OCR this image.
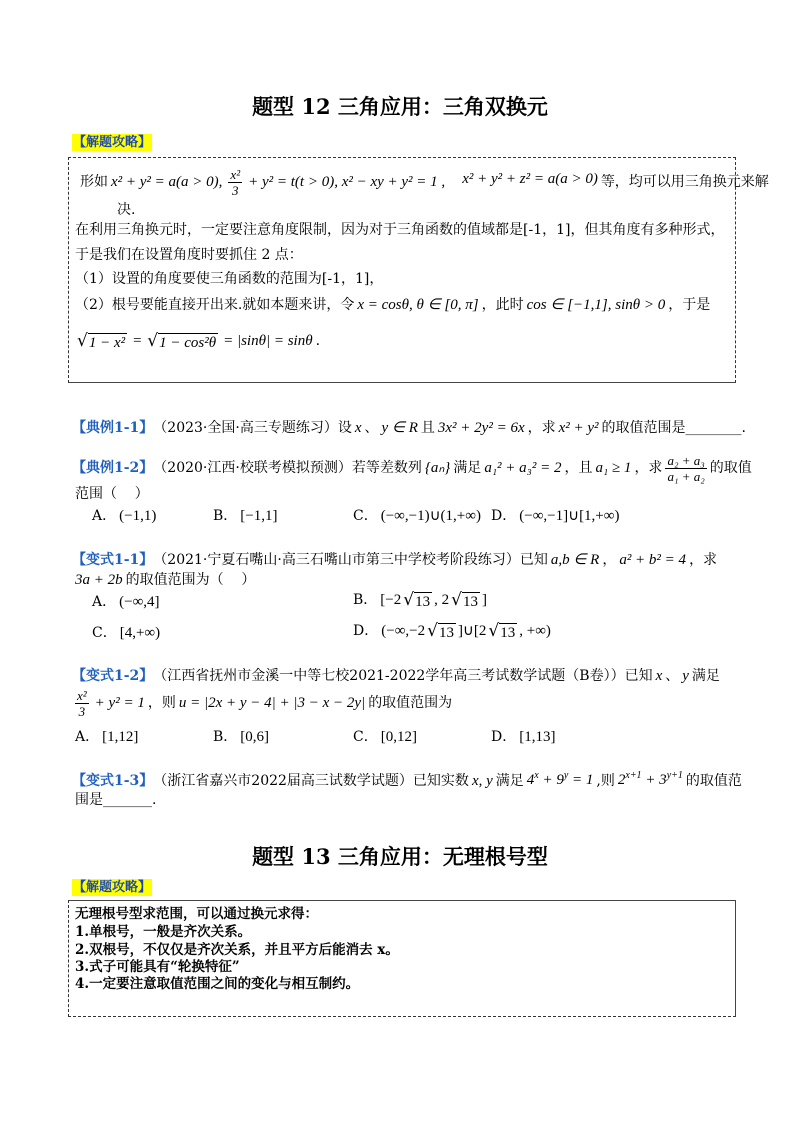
题型 12 三角应用：三角双换元
【解题攻略】
形如 x² + y² = a(a > 0), $\frac{\text{x²}}{3} + y^2 = t(t > 0)$, x² − xy + y² = 1 , x² + y² + z² = a(a > 0) 等，均可以用三角换元来解
决.
在利用三角换元时，一定要注意角度限制，因为对于三角函数的值域都是[-1，1]，但其角度有多种形式，
于是我们在设置角度时要抓住 2 点：
（1）设置的角度要使三角函数的范围为[-1，1]，
（2）根号要能直接开出来.就如本题来讲，令 x = cosθ, θ ∈ [0, π] ，此时 cos ∈ [−1,1], sinθ > 0 ，于是
√ 1 − x² = √ 1 − cos²θ = |sinθ| = sinθ .
【典例1-1】 （2023·全国·高三专题练习）设 x 、 y ∈ R 且 3x² + 2y² = 6x ，求 x² + y² 的取值范围是 ________ .
【典例1-2】 （2020·江西·校联考模拟预测）若等差数列 {aₙ} 满足 a₁² + a₃² = 2 ，且 a₁ ≥ 1 ，求 $\frac{\text{a₂ + a₃}}{\text{a₁ + a₂}}$ 的取值
范围（    ）
A． (−1,1)	B． [−1,1]	C． (−∞,−1)∪(1,+∞) D． (−∞,−1]∪[1,+∞)
【变式1-1】 （2021·宁夏石嘴山·高三石嘴山市第三中学校考阶段练习）已知 a,b ∈ R ， a² + b² = 4 ，求
3a + 2b 的取值范围为（    ）
A． (−∞,4]	B． [−2 √ 13 , 2 √ 13 ]
C． [4,+∞)	D． (−∞,−2 √ 13 ]∪[2 √ 13 , +∞)
【变式1-2】 （江西省抚州市金溪一中等七校2021-2022学年高三考试数学试题（B卷））已知 x 、 y 满足
$\frac{\text{x²}}{3} + y^2 = 1$ ，则 u = |2x + y − 4| + |3 − x − 2y| 的取值范围为
A． [1,12]	B． [0,6]	C． [0,12]	D． [1,13]
【变式1-3】 （浙江省嘉兴市2022届高三试数学试题）已知实数 x, y 满足 $4^x + 9^y = 1$ ,则 $2^{x+1} + 3^{y+1}$ 的取值范
围是 _______ .
题型 13 三角应用：无理根号型
【解题攻略】
无理根号型求范围，可以通过换元求得：
1.单根号，一般是齐次关系。
2.双根号，不仅仅是齐次关系，并且平方后能消去 x。
3.式子可能具有“轮换特征”
4.一定要注意取值范围之间的变化与相互制约。
